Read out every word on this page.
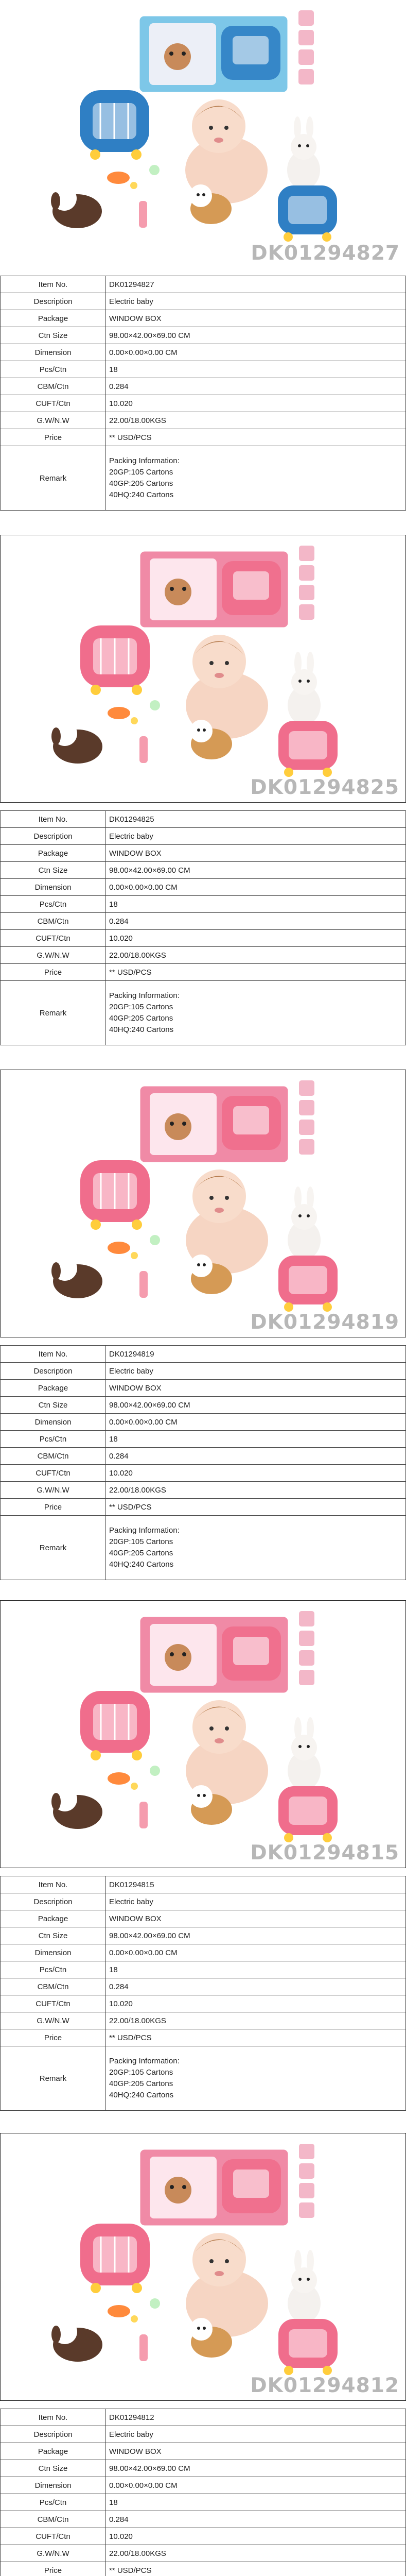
DK01294827
Item No.	DK01294827
Description	Electric baby
Package	WINDOW BOX
Ctn Size	98.00×42.00×69.00 CM
Dimension	0.00×0.00×0.00 CM
Pcs/Ctn	18
CBM/Ctn	0.284
CUFT/Ctn	10.020
G.W/N.W	22.00/18.00KGS
Price	** USD/PCS
Remark	Packing Information:
20GP:105 Cartons
40GP:205 Cartons
40HQ:240 Cartons
DK01294825
Item No.	DK01294825
Description	Electric baby
Package	WINDOW BOX
Ctn Size	98.00×42.00×69.00 CM
Dimension	0.00×0.00×0.00 CM
Pcs/Ctn	18
CBM/Ctn	0.284
CUFT/Ctn	10.020
G.W/N.W	22.00/18.00KGS
Price	** USD/PCS
Remark	Packing Information:
20GP:105 Cartons
40GP:205 Cartons
40HQ:240 Cartons
DK01294819
Item No.	DK01294819
Description	Electric baby
Package	WINDOW BOX
Ctn Size	98.00×42.00×69.00 CM
Dimension	0.00×0.00×0.00 CM
Pcs/Ctn	18
CBM/Ctn	0.284
CUFT/Ctn	10.020
G.W/N.W	22.00/18.00KGS
Price	** USD/PCS
Remark	Packing Information:
20GP:105 Cartons
40GP:205 Cartons
40HQ:240 Cartons
DK01294815
Item No.	DK01294815
Description	Electric baby
Package	WINDOW BOX
Ctn Size	98.00×42.00×69.00 CM
Dimension	0.00×0.00×0.00 CM
Pcs/Ctn	18
CBM/Ctn	0.284
CUFT/Ctn	10.020
G.W/N.W	22.00/18.00KGS
Price	** USD/PCS
Remark	Packing Information:
20GP:105 Cartons
40GP:205 Cartons
40HQ:240 Cartons
DK01294812
Item No.	DK01294812
Description	Electric baby
Package	WINDOW BOX
Ctn Size	98.00×42.00×69.00 CM
Dimension	0.00×0.00×0.00 CM
Pcs/Ctn	18
CBM/Ctn	0.284
CUFT/Ctn	10.020
G.W/N.W	22.00/18.00KGS
Price	** USD/PCS
